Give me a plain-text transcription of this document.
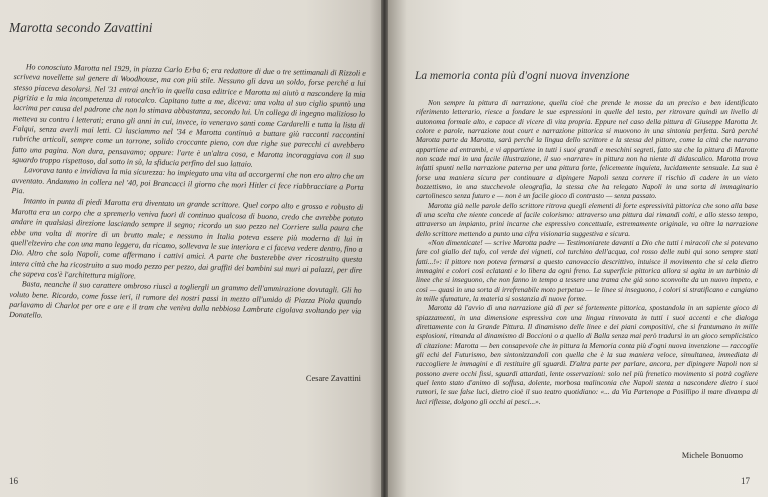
Marotta secondo Zavattini

Ho conosciuto Marotta nel 1929, in piazza Carlo Erba 6; era redattore di due o tre settimanali di Rizzoli e scriveva novellette sul genere di Woodhouse, ma con più stile. Nessuno gli dava un soldo, forse perché a lui stesso piaceva desolarsi. Nel '31 entrai anch'io in quella casa editrice e Marotta mi aiutò a nascondere la mia pigrizia e la mia incompetenza di rotocalco. Capitano tutte a me, diceva: una volta al suo ciglio spuntò una lacrima per causa del padrone che non lo stimava abbastanza, secondo lui. Un collega di ingegno malizioso lo metteva su contro i letterati; erano gli anni in cui, invece, io veneravo santi come Cardarelli e tutta la lista di Falqui, senza averli mai letti. Ci lasciammo nel '34 e Marotta continuò a buttare giù racconti raccontini rubriche articoli, sempre come un torrone, solido croccante pieno, con due righe sue parecchi ci avrebbero fatto una pagina. Non dura, pensavamo; oppure: l'arte è un'altra cosa, e Marotta incoraggiava con il suo sguardo troppo rispettoso, dal sotto in sù, la sfiducia perfino del suo lattaio.

Lavorava tanto e invidiava la mia sicurezza: ho impiegato una vita ad accorgermi che non ero altro che un avventato. Andammo in collera nel '40, poi Brancacci il giorno che morì Hitler ci fece riabbracciare a Porta Pia.

Intanto in punta di piedi Marotta era diventato un grande scrittore. Quel corpo alto e grosso e robusto di Marotta era un corpo che a spremerlo veniva fuori di continuo qualcosa di buono, credo che avrebbe potuto andare in qualsiasi direzione lasciando sempre il segno; ricordo un suo pezzo nel Corriere sulla paura che ebbe una volta di morire di un brutto male; e nessuno in Italia poteva essere più moderno di lui in quell'elzeviro che con una mano leggera, da ricamo, sollevava le sue interiora e ci faceva vedere dentro, fino a Dio. Altro che solo Napoli, come affermano i cattivi amici. A parte che basterebbe aver ricostruito questa intera città che ha ricostruito a suo modo pezzo per pezzo, dai graffiti dei bambini sui muri ai palazzi, per dire che sapeva cos'è l'architettura migliore.

Basta, neanche il suo carattere ombroso riuscì a togliergli un grammo dell'ammirazione dovutagli. Gli ho voluto bene. Ricordo, come fosse ieri, il rumore dei nostri passi in mezzo all'umido di Piazza Piola quando parlavamo di Charlot per ore e ore e il tram che veniva dalla nebbiosa Lambrate cigolava svoltando per via Donatello.

Cesare Zavattini
16
La memoria conta più d'ogni nuova invenzione

Non sempre la pittura di narrazione, quella cioè che prende le mosse da un preciso e ben identificato riferimento letterario, riesce a fondare le sue espressioni in quelle del testo, per ritrovare quindi un livello di autonoma formale alto, e capace di vicere di vita propria. Eppure nel caso della pittura di Giuseppe Marotta Jr. colore e parole, narrazione tout court e narrazione pittorica si muovono in una sintonia perfetta. Sarà perché Marotta parte da Marotta, sarà perché la lingua dello scrittore e la stessa del pittore, come la città che narrano appartiene ad entrambi, e vi appartiene in tutti i suoi grandi e meschini segreti, fatto sta che la pittura di Marotte non scade mai in una facile illustrazione, il suo «narrare» in pittura non ha niente di didascalico. Marotta trova infatti spunti nella narrazione paterna per una pittura forte, felicemente inquieta, lucidamente sensuale. La sua è forse una maniera sicura per continuare a dipingere Napoli senza correre il rischio di cadere in un vieto bozzettismo, in una stucchevole oleografia, la stessa che ha relegato Napoli in una sorta di immaginario cartolinesco senza futuro e — non è un facile gioco di contrasto — senza passato.

Marotta già nelle parole dello scrittore ritrova quegli elementi di forte espressività pittorica che sono alla base di una scelta che niente concede al facile colorismo: attraverso una pittura dai rimandi colti, e allo stesso tempo, attraverso un impianto, prini incarne che espressivo concettuale, estremamente originale, va oltre la narrazione dello scrittore mettendo a punto una cifra visionaria suggestiva e sicura.

«Non dimenticate! — scrive Marotta padre — Testimoniarete davanti a Dio che tutti i miracoli che si potevano fare col giallo del tufo, col verde dei vigneti, col turchino dell'acqua, col rosso delle nubi qui sono sempre stati fatti...!»: il pittore non poteva fermarsi a questo canovaccio descrittivo, intuisce il movimento che si cela dietro immagini e colori così eclatanti e lo libera da ogni freno. La superficie pittorica allora si agita in un turbinio di linee che si inseguono, che non fanno in tempo a tessere una trama che già sono sconvolte da un nuovo impeto, e così — quasi in una sorta di irrefrenabile moto perpetuo — le linee si inseguono, i colori si stratificano e cangiano in mille sfumature, la materia si sostanzia di nuove forme.

Marotta dà l'avvio di una narrazione già di per sé fortemente pittorica, spostandola in un sapiente gioco di spiazzamenti, in una dimensione espressiva con una lingua rinnovata in tutti i suoi accenti e che dialoga direttamente con la Grande Pittura. Il dinamismo delle linee e dei piani compositivi, che si frantumano in mille esplosioni, rimanda al dinamismo di Boccioni o a quello di Balla senza mai però tradursi in un gioco semplicistico di citazione: Marotta — ben consapevole che in pittura la Memoria conta più d'ogni nuova invenzione — raccoglie gli echi del Futurismo, ben sintonizzandoli con quella che è la sua maniera veloce, simultanea, immediata di raccogliere le immagini e di restituire gli sguardi. D'altra parte per parlare, ancora, per dipingere Napoli non si possono avere occhi fissi, sguardi attardati, lente osservazioni: solo nel più frenetico movimento si potrà cogliere quel lento stato d'animo di soffusa, dolente, morbosa malinconia che Napoli stenta a nascondere dietro i suoi rumori, le sue false luci, dietro cioè il suo teatro quotidiano: «... da Via Partenope a Posillipo il mare divampa di luci riflesse, dolgono gli occhi ai pesci...».

Michele Bonuomo
17
